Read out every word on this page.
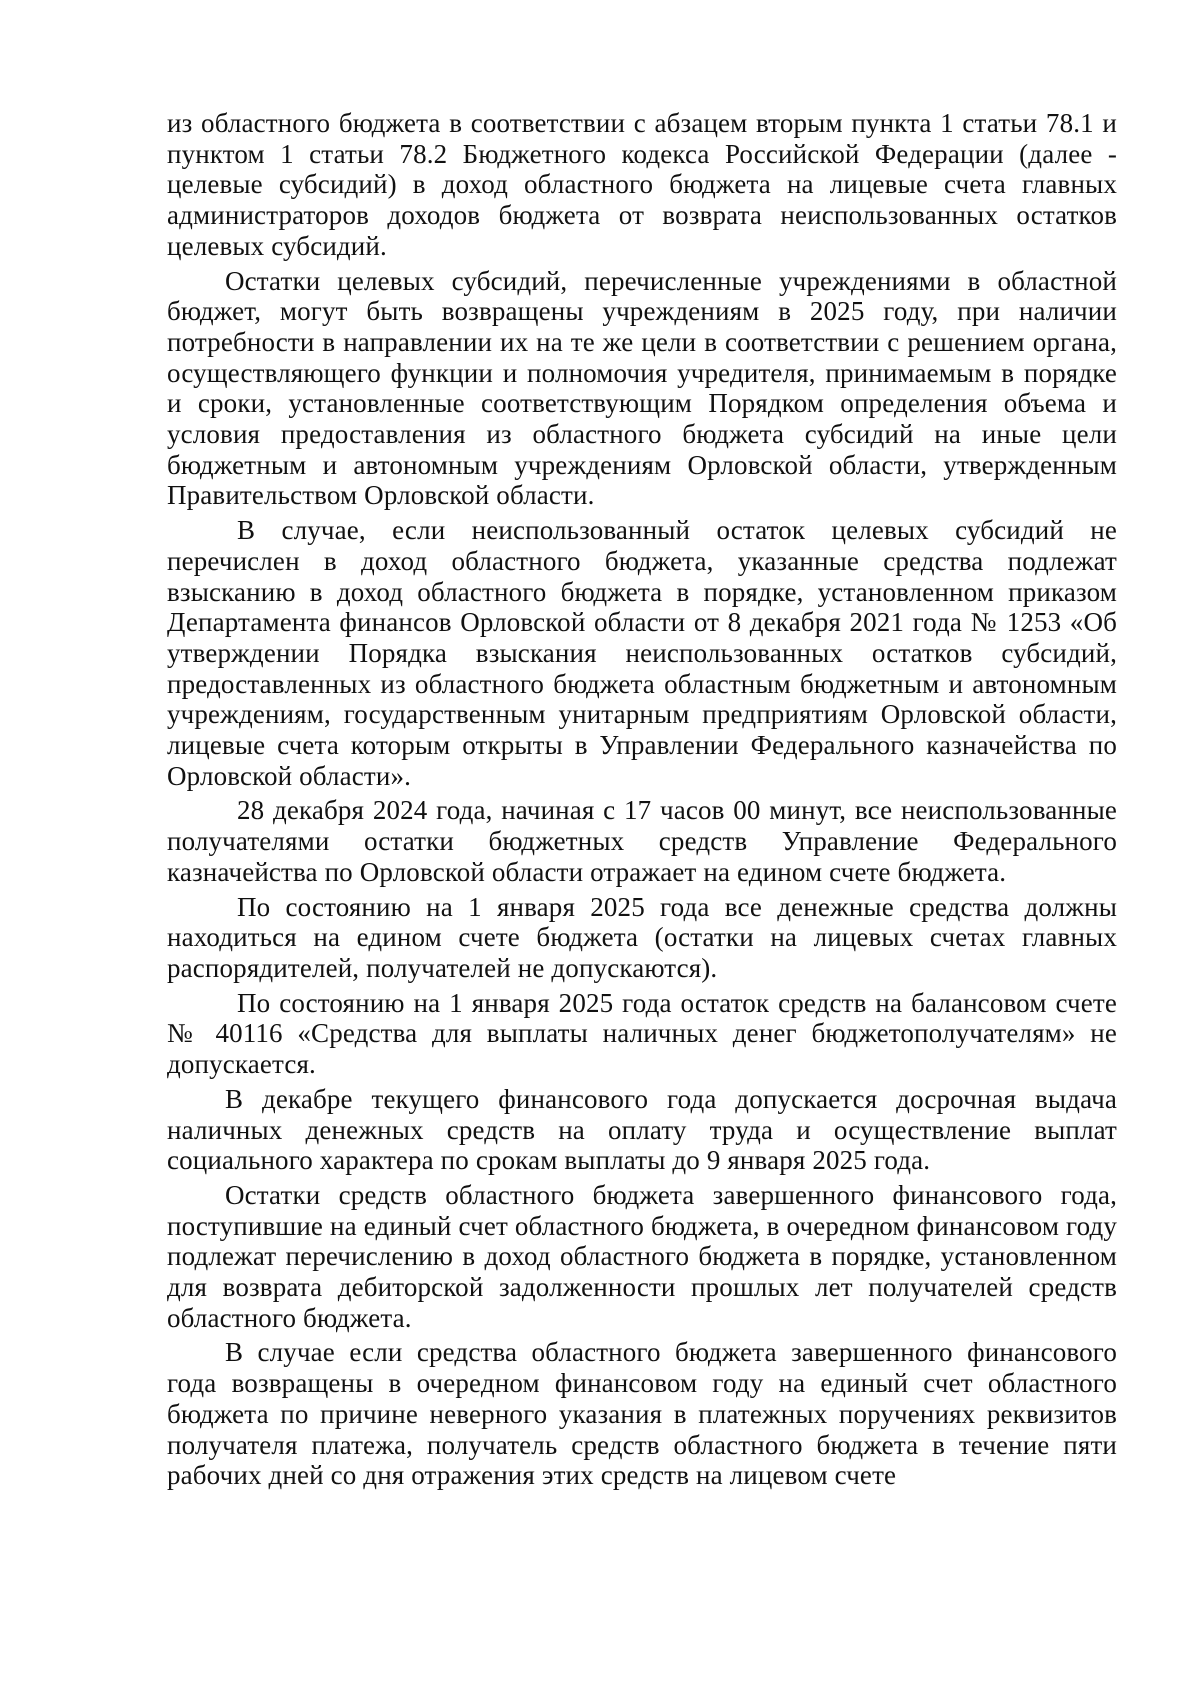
из областного бюджета в соответствии с абзацем вторым пункта 1 статьи 78.1 и пунктом 1 статьи 78.2 Бюджетного кодекса Российской Федерации (далее - целевые субсидий) в доход областного бюджета на лицевые счета главных администраторов доходов бюджета от возврата неиспользованных остатков целевых субсидий.

Остатки целевых субсидий, перечисленные учреждениями в областной бюджет, могут быть возвращены учреждениям в 2025 году, при наличии потребности в направлении их на те же цели в соответствии с решением органа, осуществляющего функции и полномочия учредителя, принимаемым в порядке и сроки, установленные соответствующим Порядком определения объема и условия предоставления из областного бюджета субсидий на иные цели бюджетным и автономным учреждениям Орловской области, утвержденным Правительством Орловской области.

В случае, если неиспользованный остаток целевых субсидий не перечислен в доход областного бюджета, указанные средства подлежат взысканию в доход областного бюджета в порядке, установленном приказом Департамента финансов Орловской области от 8 декабря 2021 года № 1253 «Об утверждении Порядка взыскания неиспользованных остатков субсидий, предоставленных из областного бюджета областным бюджетным и автономным учреждениям, государственным унитарным предприятиям Орловской области, лицевые счета которым открыты в Управлении Федерального казначейства по Орловской области».

28 декабря 2024 года, начиная с 17 часов 00 минут, все неиспользованные получателями остатки бюджетных средств Управление Федерального казначейства по Орловской области отражает на едином счете бюджета.

По состоянию на 1 января 2025 года все денежные средства должны находиться на едином счете бюджета (остатки на лицевых счетах главных распорядителей, получателей не допускаются).

По состоянию на 1 января 2025 года остаток средств на балансовом счете № 40116 «Средства для выплаты наличных денег бюджетополучателям» не допускается.

В декабре текущего финансового года допускается досрочная выдача наличных денежных средств на оплату труда и осуществление выплат социального характера по срокам выплаты до 9 января 2025 года.

Остатки средств областного бюджета завершенного финансового года, поступившие на единый счет областного бюджета, в очередном финансовом году подлежат перечислению в доход областного бюджета в порядке, установленном для возврата дебиторской задолженности прошлых лет получателей средств областного бюджета.

В случае если средства областного бюджета завершенного финансового года возвращены в очередном финансовом году на единый счет областного бюджета по причине неверного указания в платежных поручениях реквизитов получателя платежа, получатель средств областного бюджета в течение пяти рабочих дней со дня отражения этих средств на лицевом счете
